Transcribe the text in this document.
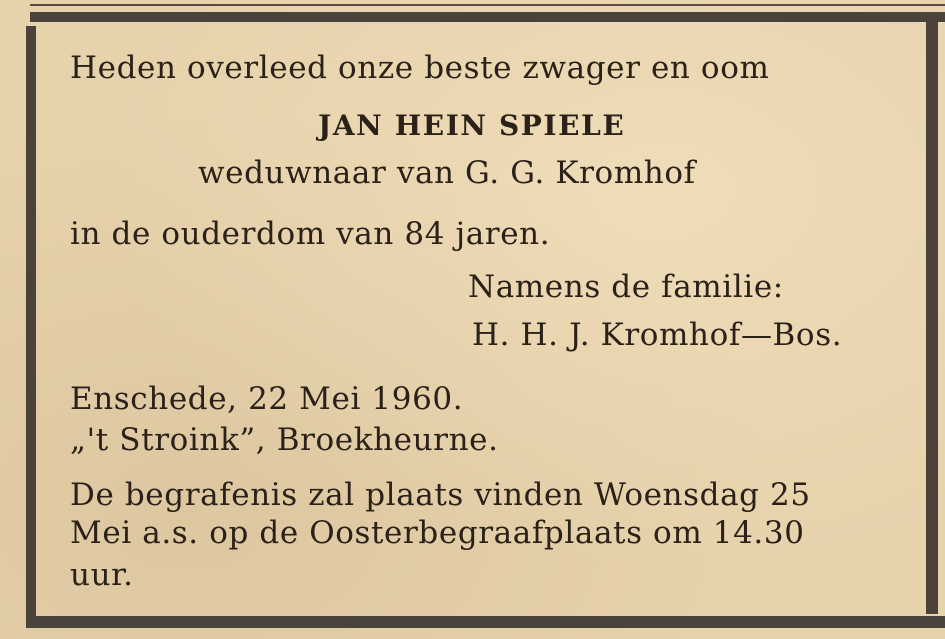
Heden overleed onze beste zwager en oom
JAN HEIN SPIELE
weduwnaar van G. G. Kromhof
in de ouderdom van 84 jaren.
Namens de familie:
H. H. J. Kromhof—Bos.
Enschede, 22 Mei 1960.
„'t Stroink”, Broekheurne.
De begrafenis zal plaats vinden Woensdag 25
Mei a.s. op de Oosterbegraafplaats om 14.30
uur.
